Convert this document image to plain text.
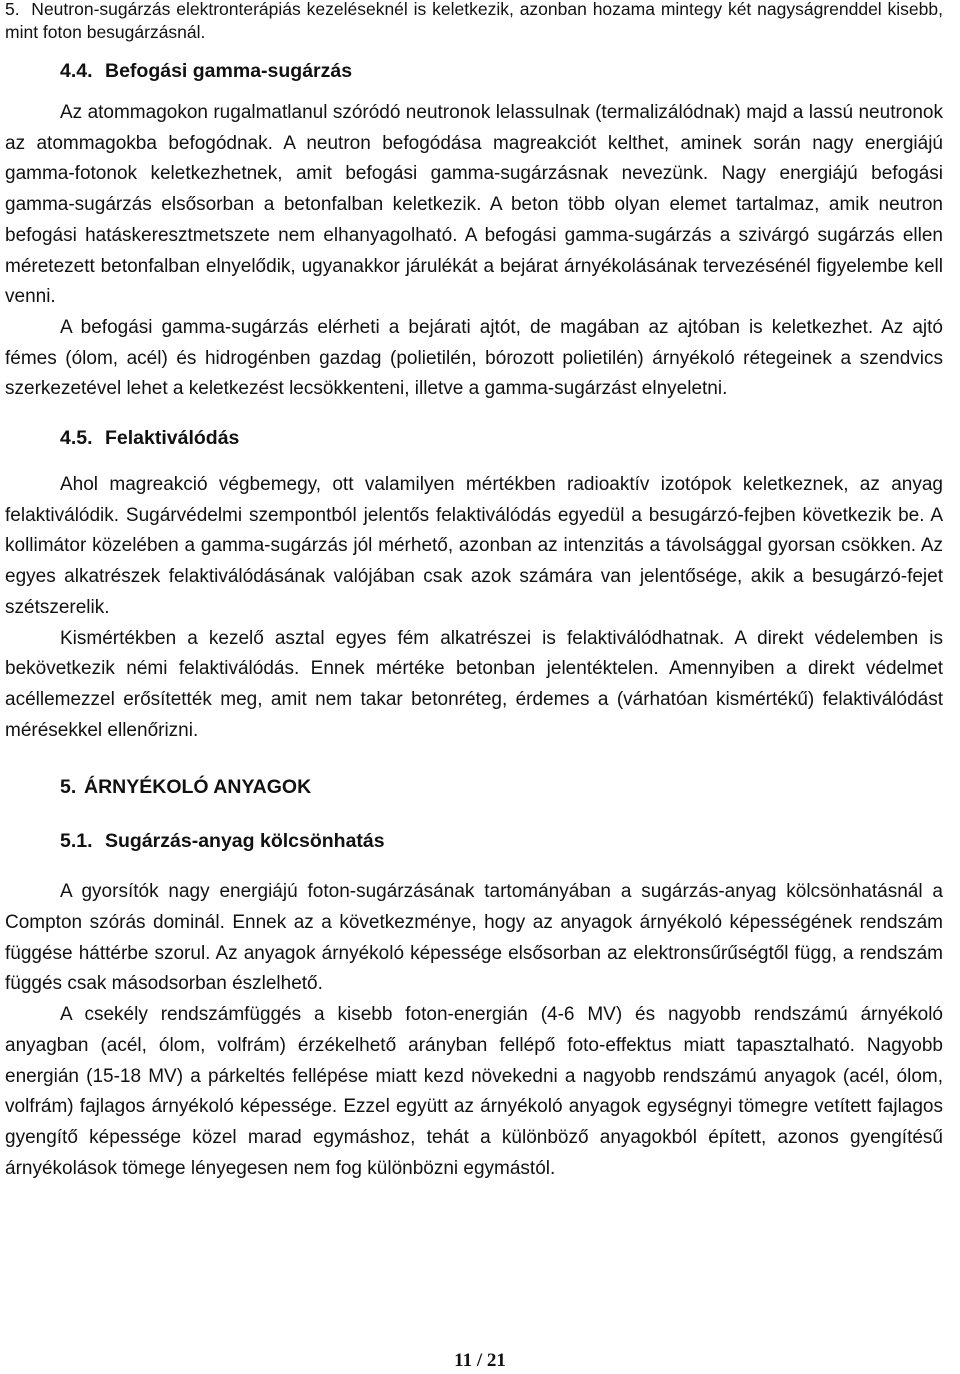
5.  Neutron-sugárzás elektronterápiás kezeléseknél is keletkezik, azonban hozama mintegy két nagyságrenddel kisebb, mint foton besugárzásnál.

4.4. Befogási gamma-sugárzás

Az atommagokon rugalmatlanul szóródó neutronok lelassulnak (termalizálódnak) majd a lassú neutronok az atommagokba befogódnak. A neutron befogódása magreakciót kelthet, aminek során nagy energiájú gamma-fotonok keletkezhetnek, amit befogási gamma-sugárzásnak nevezünk. Nagy energiájú befogási gamma-sugárzás elsősorban a betonfalban keletkezik. A beton több olyan elemet tartalmaz, amik neutron befogási hatáskeresztmetszete nem elhanyagolható. A befogási gamma-sugárzás a szivárgó sugárzás ellen méretezett betonfalban elnyelődik, ugyanakkor járulékát a bejárat árnyékolásának tervezésénél figyelembe kell venni.

A befogási gamma-sugárzás elérheti a bejárati ajtót, de magában az ajtóban is keletkezhet. Az ajtó fémes (ólom, acél) és hidrogénben gazdag (polietilén, bórozott polietilén) árnyékoló rétegeinek a szendvics szerkezetével lehet a keletkezést lecsökkenteni, illetve a gamma-sugárzást elnyeletni.

4.5. Felaktiválódás

Ahol magreakció végbemegy, ott valamilyen mértékben radioaktív izotópok keletkeznek, az anyag felaktiválódik. Sugárvédelmi szempontból jelentős felaktiválódás egyedül a besugárzó-fejben következik be. A kollimátor közelében a gamma-sugárzás jól mérhető, azonban az intenzitás a távolsággal gyorsan csökken. Az egyes alkatrészek felaktiválódásának valójában csak azok számára van jelentősége, akik a besugárzó-fejet szétszerelik.

Kismértékben a kezelő asztal egyes fém alkatrészei is felaktiválódhatnak. A direkt védelemben is bekövetkezik némi felaktiválódás. Ennek mértéke betonban jelentéktelen. Amennyiben a direkt védelmet acéllemezzel erősítették meg, amit nem takar betonréteg, érdemes a (várhatóan kismértékű) felaktiválódást mérésekkel ellenőrizni.

5. ÁRNYÉKOLÓ ANYAGOK
5.1. Sugárzás-anyag kölcsönhatás

A gyorsítók nagy energiájú foton-sugárzásának tartományában a sugárzás-anyag kölcsönhatásnál a Compton szórás dominál. Ennek az a következménye, hogy az anyagok árnyékoló képességének rendszám függése háttérbe szorul. Az anyagok árnyékoló képessége elsősorban az elektronsűrűségtől függ, a rendszám függés csak másodsorban észlelhető.

A csekély rendszámfüggés a kisebb foton-energián (4-6 MV) és nagyobb rendszámú árnyékoló anyagban (acél, ólom, volfrám) érzékelhető arányban fellépő foto-effektus miatt tapasztalható. Nagyobb energián (15-18 MV) a párkeltés fellépése miatt kezd növekedni a nagyobb rendszámú anyagok (acél, ólom, volfrám) fajlagos árnyékoló képessége. Ezzel együtt az árnyékoló anyagok egységnyi tömegre vetített fajlagos gyengítő képessége közel marad egymáshoz, tehát a különböző anyagokból épített, azonos gyengítésű árnyékolások tömege lényegesen nem fog különbözni egymástól.

11 / 21
